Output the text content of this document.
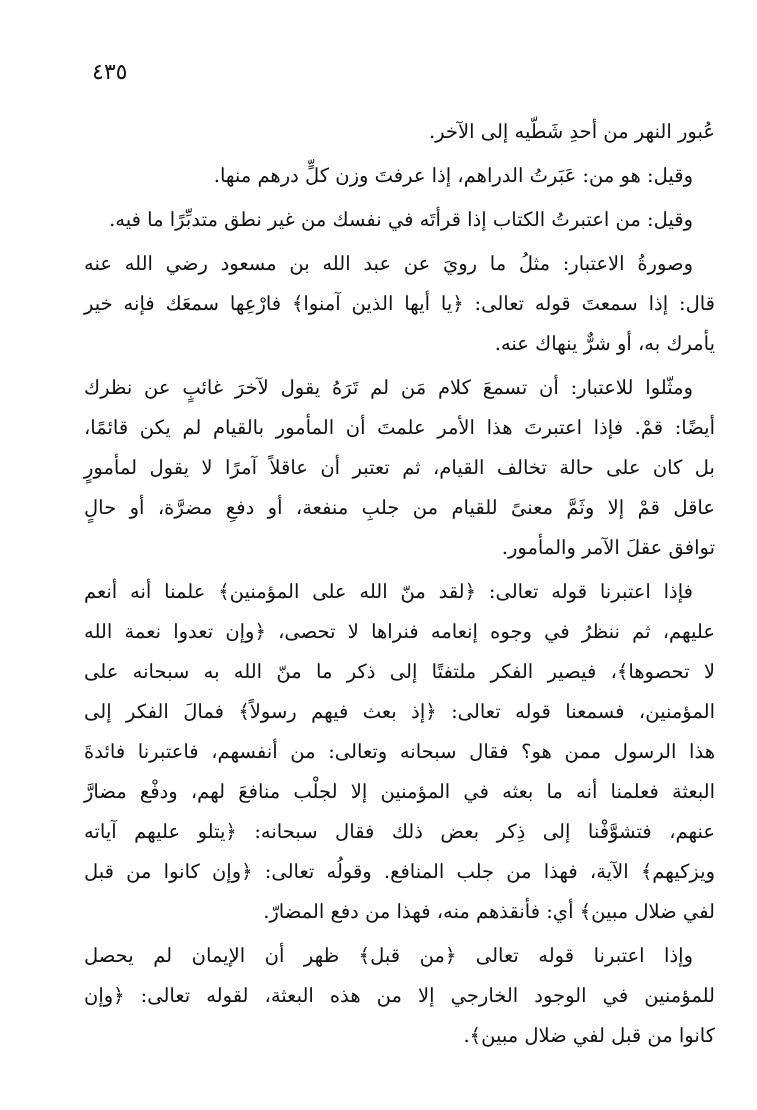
٤٣٥
عُبور النهر من أحدِ شَطّيه إلى الآخر.
وقيل: هو من: عَبَرتُ الدراهم، إذا عرفتَ وزن كلٍّ درهم منها.
وقيل: من اعتبرتُ الكتاب إذا قرأتَه في نفسك من غير نطق متدبِّرًا ما فيه.
وصورةُ الاعتبار: مثلُ ما رويَ عن عبد الله بن مسعود رضي الله عنه
قال: إذا سمعتَ قوله تعالى: ﴿يا أيها الذين آمنوا﴾ فارْعِها سمعَك فإنه خير
يأمرك به، أو شرٌّ ينهاك عنه.
ومثّلوا للاعتبار: أن تسمعَ كلام مَن لم تَرَهُ يقول لآخرَ غائبٍ عن نظرك
أيضًا: قمْ. فإذا اعتبرتَ هذا الأمر علمتَ أن المأمور بالقيام لم يكن قائمًا،
بل كان على حالة تخالف القيام، ثم تعتبر أن عاقلاً آمرًا لا يقول لمأمورٍ
عاقل قمْ إلا وثَمَّ معنىً للقيام من جلبِ منفعة، أو دفعِ مضرَّة، أو حالٍ
توافق عقلَ الآمر والمأمور.
فإذا اعتبرنا قوله تعالى: ﴿لقد منّ الله على المؤمنين﴾ علمنا أنه أنعم
عليهم، ثم ننظرُ في وجوه إنعامه فنراها لا تحصى، ﴿وإن تعدوا نعمة الله
لا تحصوها﴾، فيصير الفكر ملتفتًا إلى ذكر ما منّ الله به سبحانه على
المؤمنين، فسمعنا قوله تعالى: ﴿إذ بعث فيهم رسولاً﴾ فمالَ الفكر إلى
هذا الرسول ممن هو؟ فقال سبحانه وتعالى: من أنفسهم، فاعتبرنا فائدةَ
البعثة فعلمنا أنه ما بعثه في المؤمنين إلا لجلْب منافعَ لهم، ودفْع مضارَّ
عنهم، فتشوَّفْنا إلى ذِكر بعض ذلك فقال سبحانه: ﴿يتلو عليهم آياته
ويزكيهم﴾ الآية، فهذا من جلب المنافع. وقولُه تعالى: ﴿وإن كانوا من قبل
لفي ضلال مبين﴾ أي: فأنقذهم منه، فهذا من دفع المضارّ.
وإذا اعتبرنا قوله تعالى ﴿من قبل﴾ ظهر أن الإيمان لم يحصل
للمؤمنين في الوجود الخارجي إلا من هذه البعثة، لقوله تعالى: ﴿وإن
كانوا من قبل لفي ضلال مبين﴾.
